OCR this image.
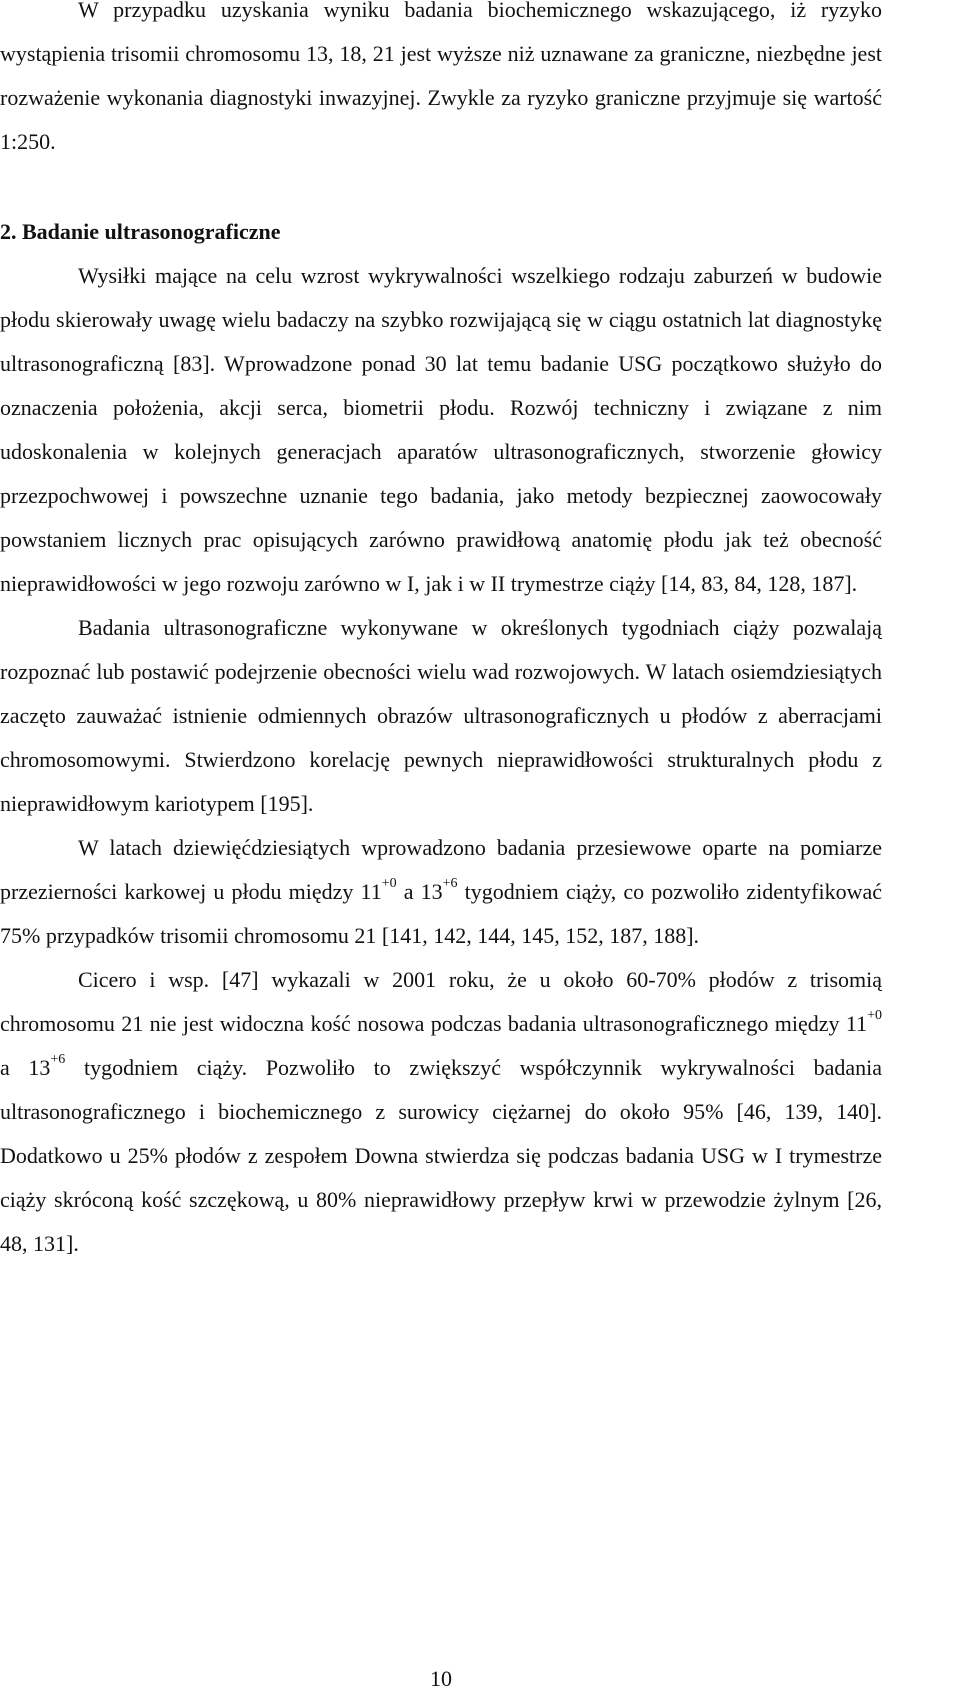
W przypadku uzyskania wyniku badania biochemicznego wskazującego, iż ryzyko wystąpienia trisomii chromosomu 13, 18, 21 jest wyższe niż uznawane za graniczne, niezbędne jest rozważenie wykonania diagnostyki inwazyjnej. Zwykle za ryzyko graniczne przyjmuje się wartość 1:250.

2. Badanie ultrasonograficzne

Wysiłki mające na celu wzrost wykrywalności wszelkiego rodzaju zaburzeń w budowie płodu skierowały uwagę wielu badaczy na szybko rozwijającą się w ciągu ostatnich lat diagnostykę ultrasonograficzną [83]. Wprowadzone ponad 30 lat temu badanie USG początkowo służyło do oznaczenia położenia, akcji serca, biometrii płodu. Rozwój techniczny i związane z nim udoskonalenia w kolejnych generacjach aparatów ultrasonograficznych, stworzenie głowicy przezpochwowej i powszechne uznanie tego badania, jako metody bezpiecznej zaowocowały powstaniem licznych prac opisujących zarówno prawidłową anatomię płodu jak też obecność nieprawidłowości w jego rozwoju zarówno w I, jak i w II trymestrze ciąży [14, 83, 84, 128, 187].

Badania ultrasonograficzne wykonywane w określonych tygodniach ciąży pozwalają rozpoznać lub postawić podejrzenie obecności wielu wad rozwojowych. W latach osiemdziesiątych zaczęto zauważać istnienie odmiennych obrazów ultrasonograficznych u płodów z aberracjami chromosomowymi. Stwierdzono korelację pewnych nieprawidłowości strukturalnych płodu z nieprawidłowym kariotypem [195].

W latach dziewięćdziesiątych wprowadzono badania przesiewowe oparte na pomiarze przezierności karkowej u płodu między $11^{+0}$ a $13^{+6}$ tygodniem ciąży, co pozwoliło zidentyfikować 75% przypadków trisomii chromosomu 21 [141, 142, 144, 145, 152, 187, 188].

Cicero i wsp. [47] wykazali w 2001 roku, że u około 60-70% płodów z trisomią chromosomu 21 nie jest widoczna kość nosowa podczas badania ultrasonograficznego między $11^{+0}$ a $13^{+6}$ tygodniem ciąży. Pozwoliło to zwiększyć współczynnik wykrywalności badania ultrasonograficznego i biochemicznego z surowicy ciężarnej do około 95% [46, 139, 140]. Dodatkowo u 25% płodów z zespołem Downa stwierdza się podczas badania USG w I trymestrze ciąży skróconą kość szczękową, u 80% nieprawidłowy przepływ krwi w przewodzie żylnym [26, 48, 131].

10
